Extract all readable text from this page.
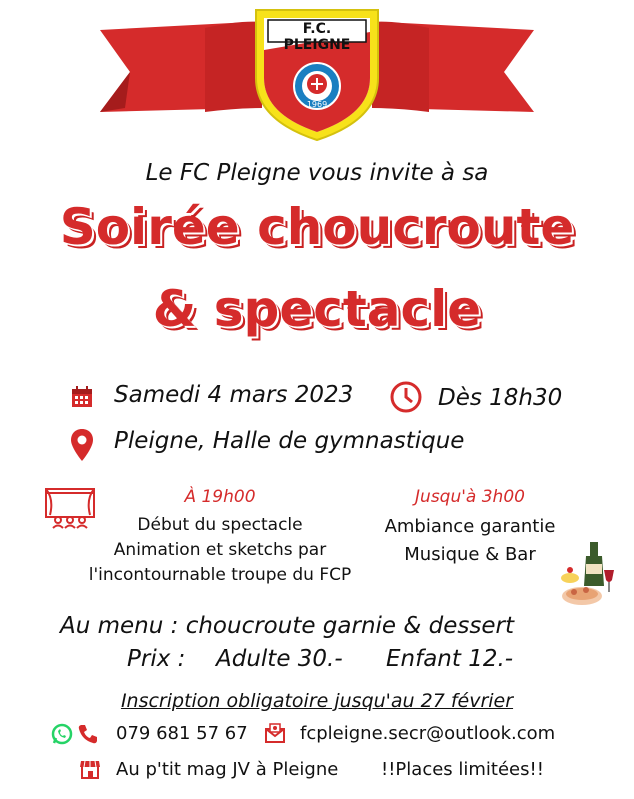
F.C. PLEIGNE
1969
Le FC Pleigne vous invite à sa
Soirée choucroute
& spectacle
Samedi 4 mars 2023	Dès 18h30
Pleigne, Halle de gymnastique
À 19h00
Début du spectacle
Animation et sketchs par
l'incontournable troupe du FCP
Jusqu'à 3h00
Ambiance garantie
Musique & Bar
Au menu : choucroute garnie & dessert
Prix : Adulte 30.- Enfant 12.-
Inscription obligatoire jusqu'au 27 février
079 681 57 67	fcpleigne.secr@outlook.com
Au p'tit mag JV à Pleigne !!Places limitées!!
